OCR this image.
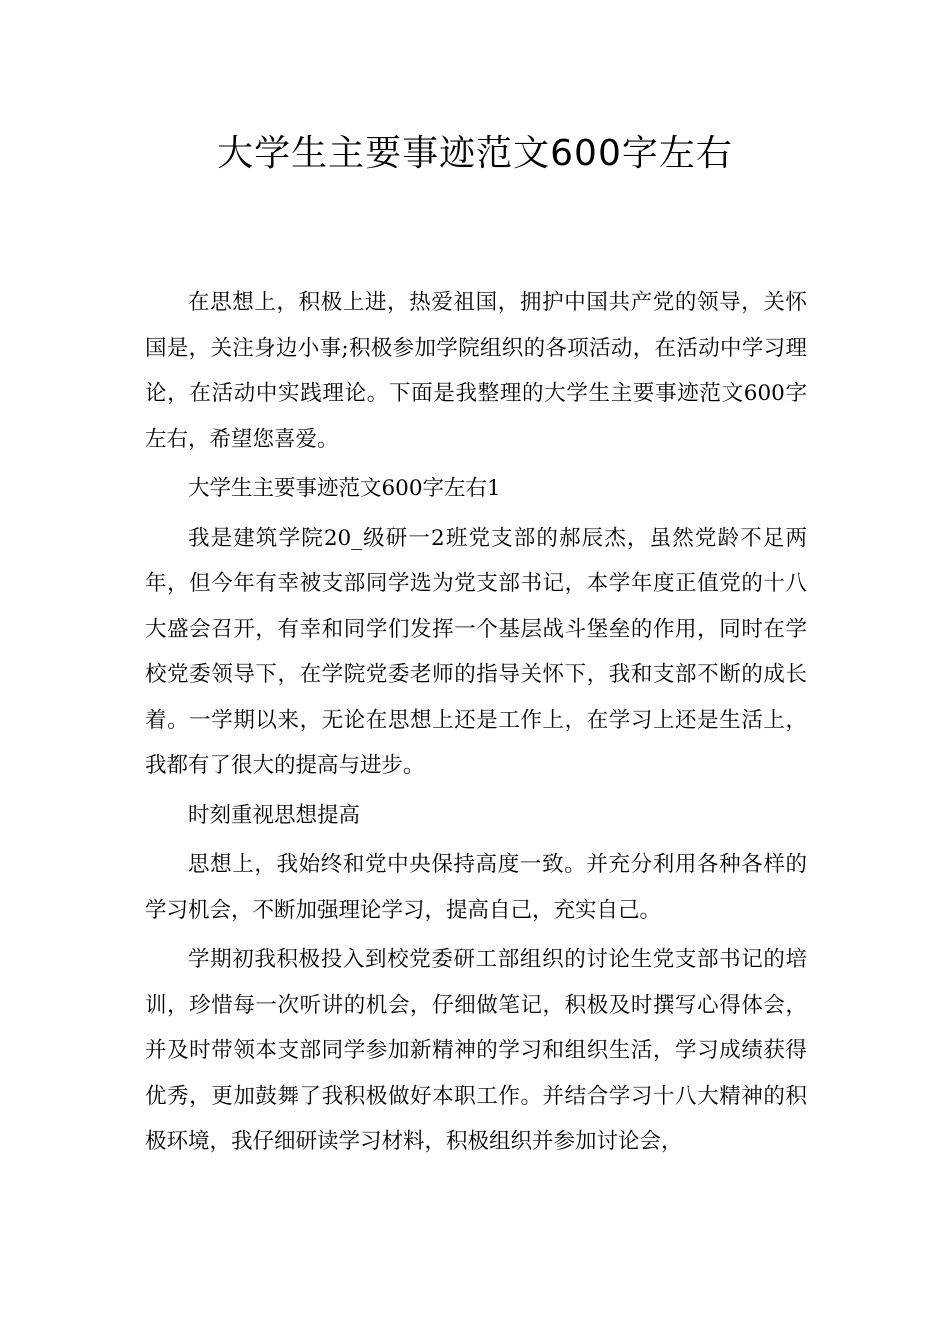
大学生主要事迹范文600字左右

在思想上，积极上进，热爱祖国，拥护中国共产党的领导，关怀国是，关注身边小事;积极参加学院组织的各项活动，在活动中学习理论，在活动中实践理论。下面是我整理的大学生主要事迹范文600字左右，希望您喜爱。

大学生主要事迹范文600字左右1

我是建筑学院20_级研一2班党支部的郝辰杰，虽然党龄不足两年，但今年有幸被支部同学选为党支部书记，本学年度正值党的十八大盛会召开，有幸和同学们发挥一个基层战斗堡垒的作用，同时在学校党委领导下，在学院党委老师的指导关怀下，我和支部不断的成长着。一学期以来，无论在思想上还是工作上，在学习上还是生活上，我都有了很大的提高与进步。

时刻重视思想提高

思想上，我始终和党中央保持高度一致。并充分利用各种各样的学习机会，不断加强理论学习，提高自己，充实自己。

学期初我积极投入到校党委研工部组织的讨论生党支部书记的培训，珍惜每一次听讲的机会，仔细做笔记，积极及时撰写心得体会，并及时带领本支部同学参加新精神的学习和组织生活，学习成绩获得优秀，更加鼓舞了我积极做好本职工作。并结合学习十八大精神的积极环境，我仔细研读学习材料，积极组织并参加讨论会，
